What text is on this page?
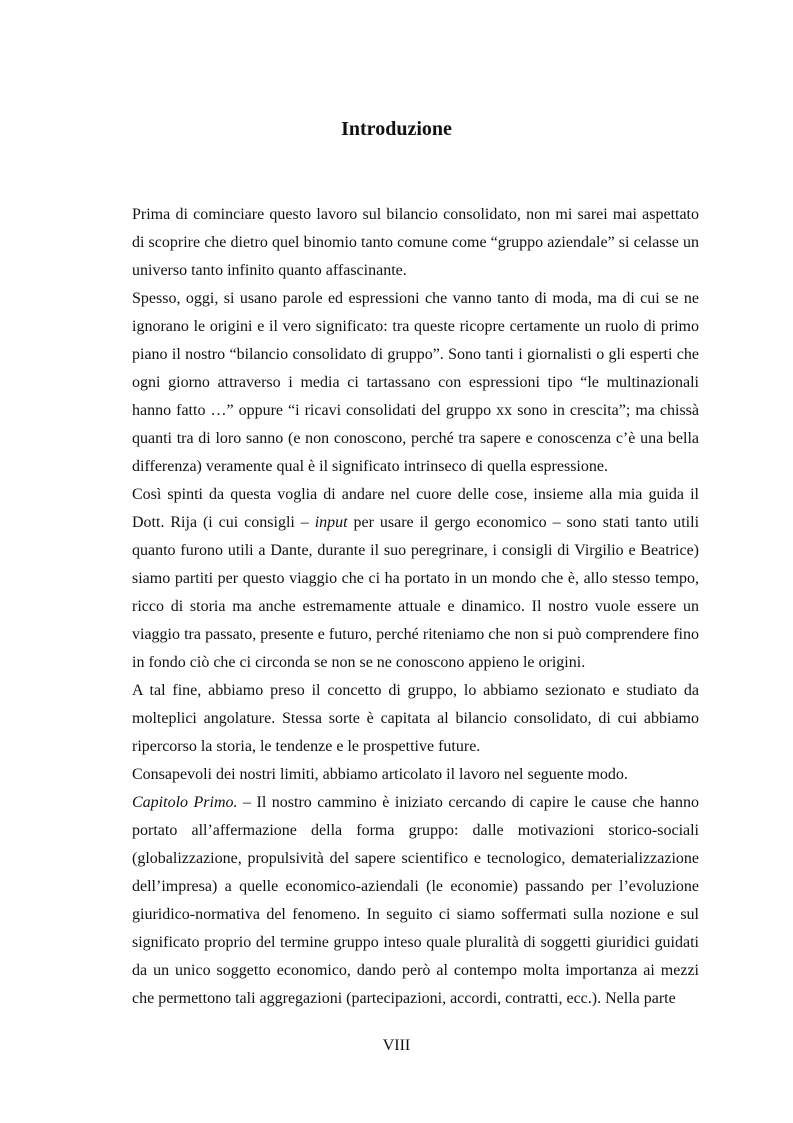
Introduzione

Prima di cominciare questo lavoro sul bilancio consolidato, non mi sarei mai aspettato di scoprire che dietro quel binomio tanto comune come “gruppo aziendale” si celasse un universo tanto infinito quanto affascinante.

Spesso, oggi, si usano parole ed espressioni che vanno tanto di moda, ma di cui se ne ignorano le origini e il vero significato: tra queste ricopre certamente un ruolo di primo piano il nostro “bilancio consolidato di gruppo”. Sono tanti i giornalisti o gli esperti che ogni giorno attraverso i media ci tartassano con espressioni tipo “le multinazionali hanno fatto …” oppure “i ricavi consolidati del gruppo xx sono in crescita”; ma chissà quanti tra di loro sanno (e non conoscono, perché tra sapere e conoscenza c’è una bella differenza) veramente qual è il significato intrinseco di quella espressione.

Così spinti da questa voglia di andare nel cuore delle cose, insieme alla mia guida il Dott. Rija (i cui consigli – input per usare il gergo economico – sono stati tanto utili quanto furono utili a Dante, durante il suo peregrinare, i consigli di Virgilio e Beatrice) siamo partiti per questo viaggio che ci ha portato in un mondo che è, allo stesso tempo, ricco di storia ma anche estremamente attuale e dinamico. Il nostro vuole essere un viaggio tra passato, presente e futuro, perché riteniamo che non si può comprendere fino in fondo ciò che ci circonda se non se ne conoscono appieno le origini.

A tal fine, abbiamo preso il concetto di gruppo, lo abbiamo sezionato e studiato da molteplici angolature. Stessa sorte è capitata al bilancio consolidato, di cui abbiamo ripercorso la storia, le tendenze e le prospettive future.

Consapevoli dei nostri limiti, abbiamo articolato il lavoro nel seguente modo.

Capitolo Primo. – Il nostro cammino è iniziato cercando di capire le cause che hanno portato all’affermazione della forma gruppo: dalle motivazioni storico-sociali (globalizzazione, propulsività del sapere scientifico e tecnologico, dematerializzazione dell’impresa) a quelle economico-aziendali (le economie) passando per l’evoluzione giuridico-normativa del fenomeno. In seguito ci siamo soffermati sulla nozione e sul significato proprio del termine gruppo inteso quale pluralità di soggetti giuridici guidati da un unico soggetto economico, dando però al contempo molta importanza ai mezzi che permettono tali aggregazioni (partecipazioni, accordi, contratti, ecc.). Nella parte

VIII
